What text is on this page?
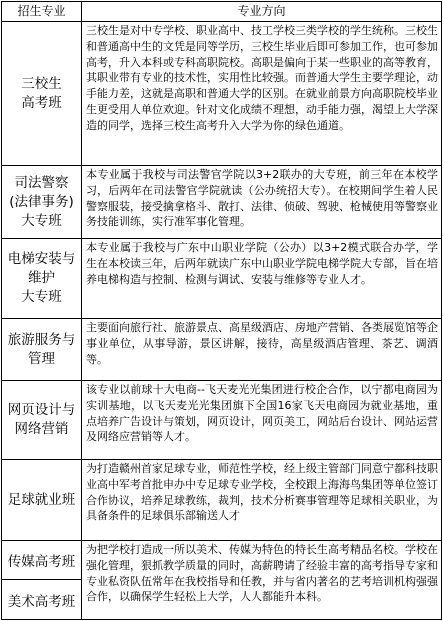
招生专业	专业方向
三校生
高考班
三校生是对中专学校、职业高中、技工学校三类学校的学生统称。三校生和普通高中生的文凭是同等学历，三校生毕业后即可参加工作，也可参加高考，升入本科或专科高职院校。高职是偏向于某一些职业的高等教育，其职业带有专业的技术性，实用性比较强。而普通大学生主要学理论，动手能力差，这就是高职和普通大学的区别。在就业前景方向高职院校毕业生更受用人单位欢迎。针对文化成绩不理想，动手能力强，渴望上大学深造的同学，选择三校生高考升入大学为你的绿色通道。
司法警察
(法律事务)
大专班
本专业属于我校与司法警官学院以3+2联办的大专班，前三年在本校学习，后两年在司法警官学院就读（公办统招大专）。在校期间学生着人民警察服装，接受擒拿格斗、散打、法律、侦破、驾驶、枪械使用等警察业务技能训练，实行准军事化管理。
电梯安装与
维护
大专班
本专业属于我校与广东中山职业学院（公办）以3+2模式联合办学，学生在本校读三年，后两年就读广东中山职业学院电梯学院大专部，旨在培养电梯构造与控制、检测与调试、安装与维修等专业人才。
旅游服务与
管理
主要面向旅行社、旅游景点、高星级酒店、房地产营销、各类展览馆等企事业单位，从事导游，景区讲解，接待，高星级酒店管理、茶艺、调酒等。
网页设计与
网络营销
该专业以前球十大电商--飞天麦光光集团进行校企合作，以宁都电商园为实训基地，以飞天麦光光集团旗下全国16家飞天电商园为就业基地，重点培养广告设计与策划，网页设计，网页美工，网站后台设计、网站运营及网络应营销等人才。
足球就业班
为打造赣州首家足球专业，师范性学校，经上级主管部门同意宁都科技职业高中军考首批申办中专足球专业学校，全校跟上海海鸟集团等单位签订合作协议，培养足球教练，裁判，技术分析赛事管理等足球相关职业，为具备条件的足球俱乐部输送人才
传媒高考班
美术高考班
为把学校打造成一所以美术、传媒为特色的特长生高考精品名校。学校在强化管理，狠抓教学质量的同时，高薪聘请了经验丰富的高考指导专家和专业私资队伍常年在我校指导和任教，并与省内著名的艺考培训机构强强合作，以确保学生轻松上大学，人人都能升本科。
